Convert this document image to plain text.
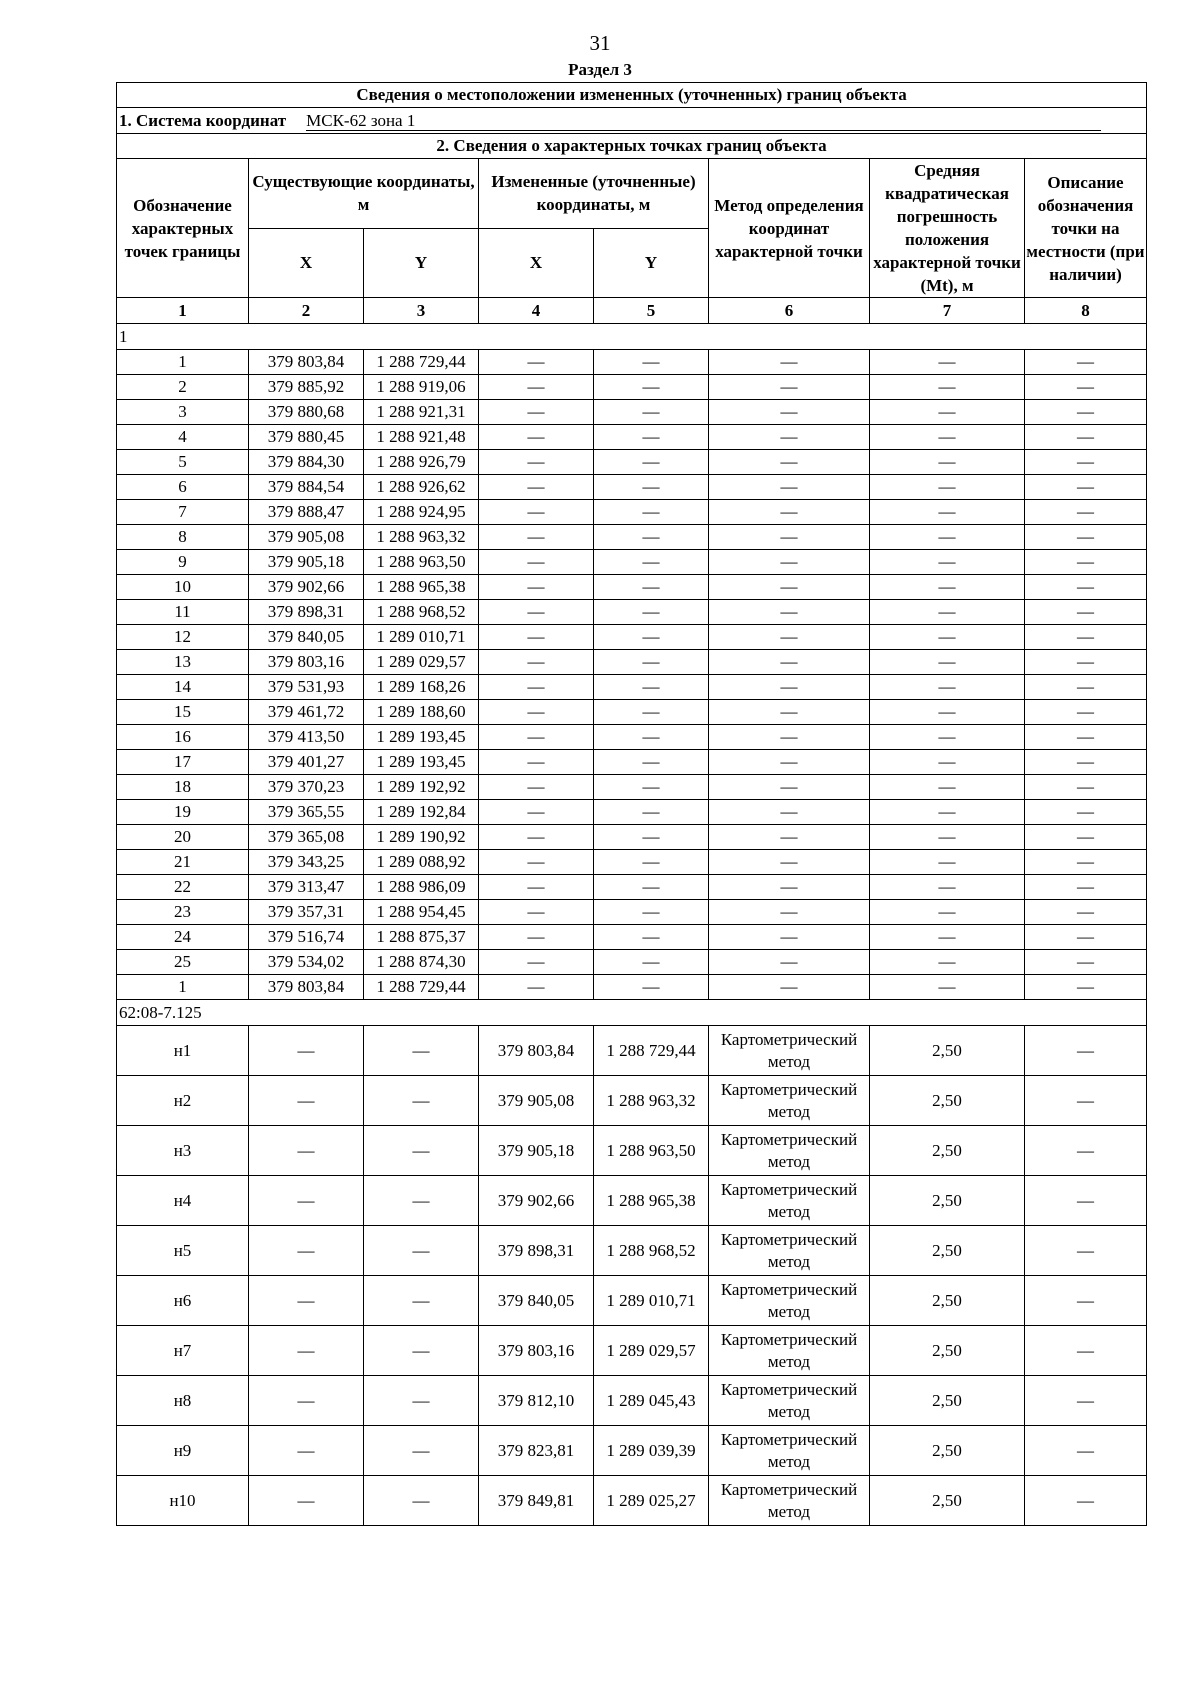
31
Раздел 3
Сведения о местоположении измененных (уточненных) границ объекта							
1. Система координат МСК-62 зона 1							
2. Сведения о характерных точках границ объекта							
Обозначение характерных точек границы	Существующие координаты, м		Измененные (уточненные) координаты, м		Метод определения координат характерной точки	Средняя квадратическая погрешность положения характерной точки (Mt), м	Описание обозначения точки на местности (при наличии)
	X	Y	X	Y			
1	2	3	4	5	6	7	8
1							
1	379 803,84	1 288 729,44	—	—	—	—	—
2	379 885,92	1 288 919,06	—	—	—	—	—
3	379 880,68	1 288 921,31	—	—	—	—	—
4	379 880,45	1 288 921,48	—	—	—	—	—
5	379 884,30	1 288 926,79	—	—	—	—	—
6	379 884,54	1 288 926,62	—	—	—	—	—
7	379 888,47	1 288 924,95	—	—	—	—	—
8	379 905,08	1 288 963,32	—	—	—	—	—
9	379 905,18	1 288 963,50	—	—	—	—	—
10	379 902,66	1 288 965,38	—	—	—	—	—
11	379 898,31	1 288 968,52	—	—	—	—	—
12	379 840,05	1 289 010,71	—	—	—	—	—
13	379 803,16	1 289 029,57	—	—	—	—	—
14	379 531,93	1 289 168,26	—	—	—	—	—
15	379 461,72	1 289 188,60	—	—	—	—	—
16	379 413,50	1 289 193,45	—	—	—	—	—
17	379 401,27	1 289 193,45	—	—	—	—	—
18	379 370,23	1 289 192,92	—	—	—	—	—
19	379 365,55	1 289 192,84	—	—	—	—	—
20	379 365,08	1 289 190,92	—	—	—	—	—
21	379 343,25	1 289 088,92	—	—	—	—	—
22	379 313,47	1 288 986,09	—	—	—	—	—
23	379 357,31	1 288 954,45	—	—	—	—	—
24	379 516,74	1 288 875,37	—	—	—	—	—
25	379 534,02	1 288 874,30	—	—	—	—	—
1	379 803,84	1 288 729,44	—	—	—	—	—
62:08-7.125							
н1	—	—	379 803,84	1 288 729,44	Картометрический метод	2,50	—
н2	—	—	379 905,08	1 288 963,32	Картометрический метод	2,50	—
н3	—	—	379 905,18	1 288 963,50	Картометрический метод	2,50	—
н4	—	—	379 902,66	1 288 965,38	Картометрический метод	2,50	—
н5	—	—	379 898,31	1 288 968,52	Картометрический метод	2,50	—
н6	—	—	379 840,05	1 289 010,71	Картометрический метод	2,50	—
н7	—	—	379 803,16	1 289 029,57	Картометрический метод	2,50	—
н8	—	—	379 812,10	1 289 045,43	Картометрический метод	2,50	—
н9	—	—	379 823,81	1 289 039,39	Картометрический метод	2,50	—
н10	—	—	379 849,81	1 289 025,27	Картометрический метод	2,50	—
